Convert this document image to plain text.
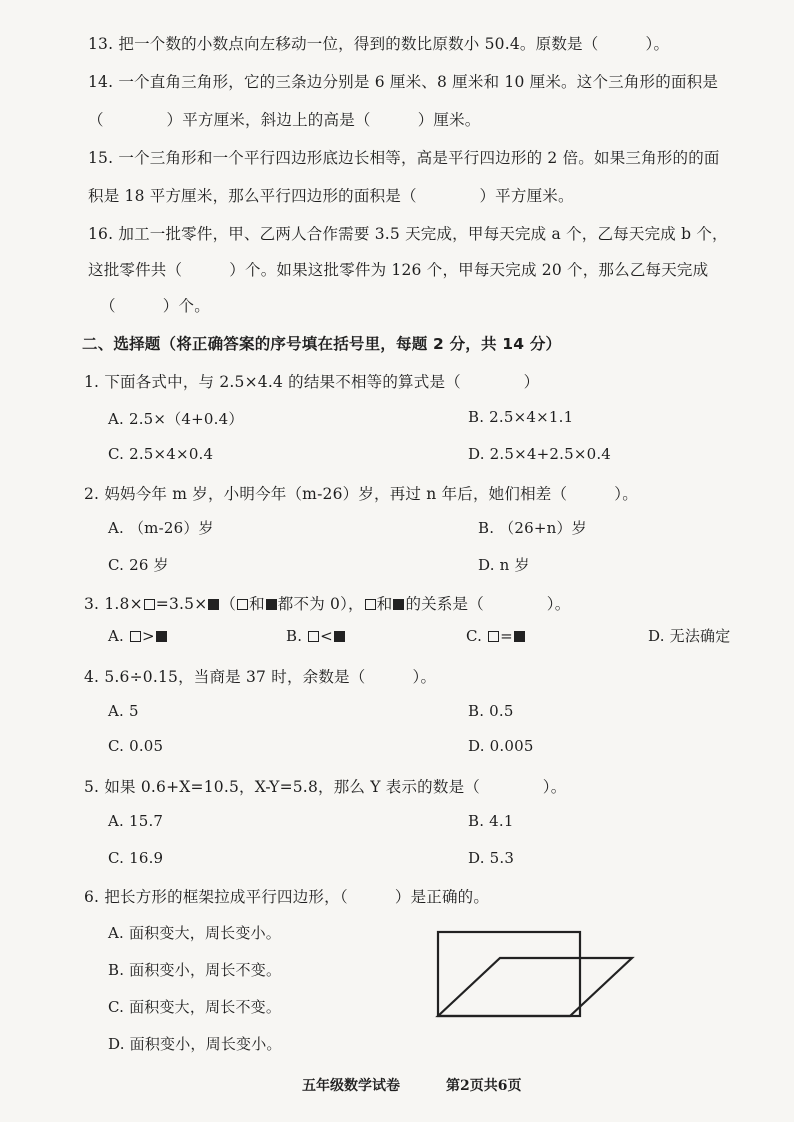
13. 把一个数的小数点向左移动一位，得到的数比原数小 50.4。原数是（　　　）。
14. 一个直角三角形，它的三条边分别是 6 厘米、8 厘米和 10 厘米。这个三角形的面积是
（　　　　）平方厘米，斜边上的高是（　　　）厘米。
15. 一个三角形和一个平行四边形底边长相等，高是平行四边形的 2 倍。如果三角形的的面
积是 18 平方厘米，那么平行四边形的面积是（　　　　）平方厘米。
16. 加工一批零件，甲、乙两人合作需要 3.5 天完成，甲每天完成 a 个，乙每天完成 b 个，
这批零件共（　　　）个。如果这批零件为 126 个，甲每天完成 20 个，那么乙每天完成
（　　　）个。
二、选择题（将正确答案的序号填在括号里，每题 2 分，共 14 分）
1. 下面各式中，与 2.5×4.4 的结果不相等的算式是（　　　　）
A. 2.5×（4+0.4）	B. 2.5×4×1.1
C. 2.5×4×0.4	D. 2.5×4+2.5×0.4
2. 妈妈今年 m 岁，小明今年（m-26）岁，再过 n 年后，她们相差（　　　）。
A. （m-26）岁	B. （26+n）岁
C. 26 岁	D. n 岁
3. 1.8× =3.5× （ 和 都不为 0）， 和 的关系是（　　　　）。
A. >	B. <	C. =	D. 无法确定
4. 5.6÷0.15，当商是 37 时，余数是（　　　）。
A. 5	B. 0.5
C. 0.05	D. 0.005
5. 如果 0.6+X=10.5，X-Y=5.8，那么 Y 表示的数是（　　　　）。
A. 15.7	B. 4.1
C. 16.9	D. 5.3
6. 把长方形的框架拉成平行四边形，（　　　）是正确的。
A. 面积变大，周长变小。
B. 面积变小，周长不变。
C. 面积变大，周长不变。
D. 面积变小，周长变小。
五年级数学试卷	第2页共6页
